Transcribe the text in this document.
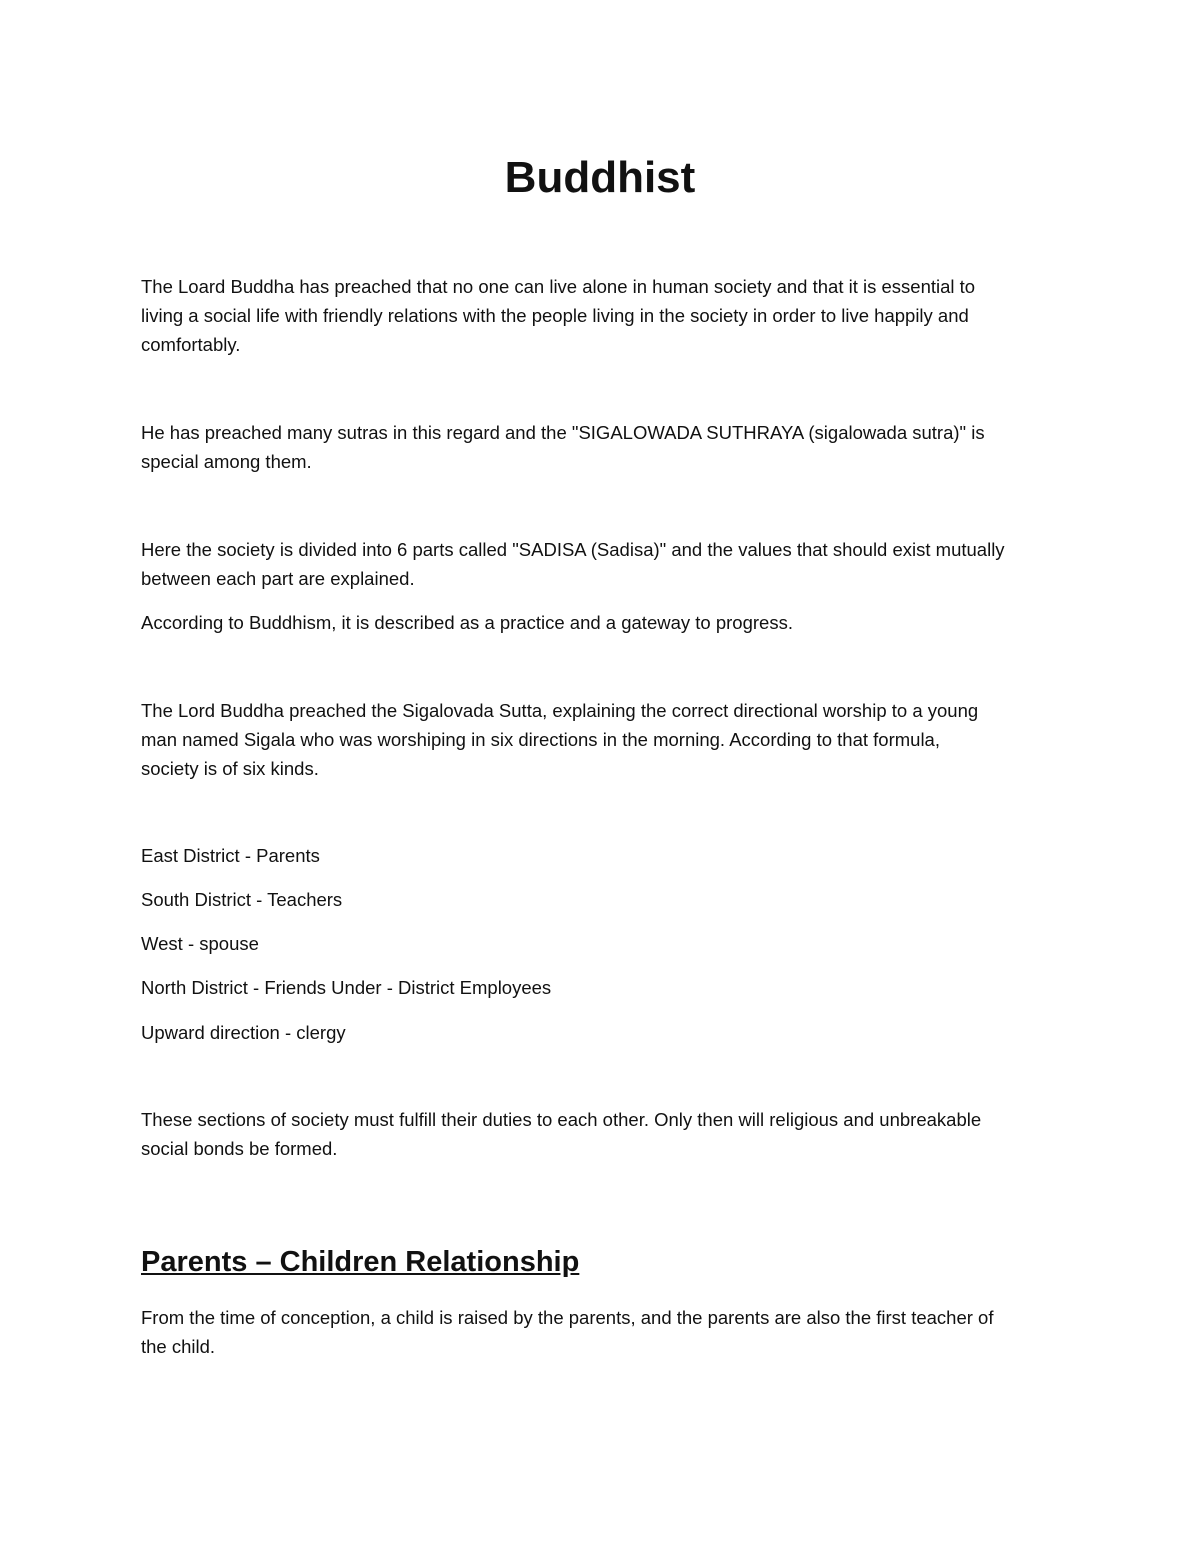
Buddhist
The Loard Buddha has preached that no one can live alone in human society and that it is essential to
living a social life with friendly relations with the people living in the society in order to live happily and
comfortably.
He has preached many sutras in this regard and the "SIGALOWADA SUTHRAYA (sigalowada sutra)" is
special among them.
Here the society is divided into 6 parts called "SADISA (Sadisa)" and the values that should exist mutually
between each part are explained.
According to Buddhism, it is described as a practice and a gateway to progress.
The Lord Buddha preached the Sigalovada Sutta, explaining the correct directional worship to a young
man named Sigala who was worshiping in six directions in the morning. According to that formula,
society is of six kinds.
East District - Parents
South District - Teachers
West - spouse
North District - Friends Under - District Employees
Upward direction - clergy
These sections of society must fulfill their duties to each other. Only then will religious and unbreakable
social bonds be formed.
Parents – Children Relationship
From the time of conception, a child is raised by the parents, and the parents are also the first teacher of
the child.
